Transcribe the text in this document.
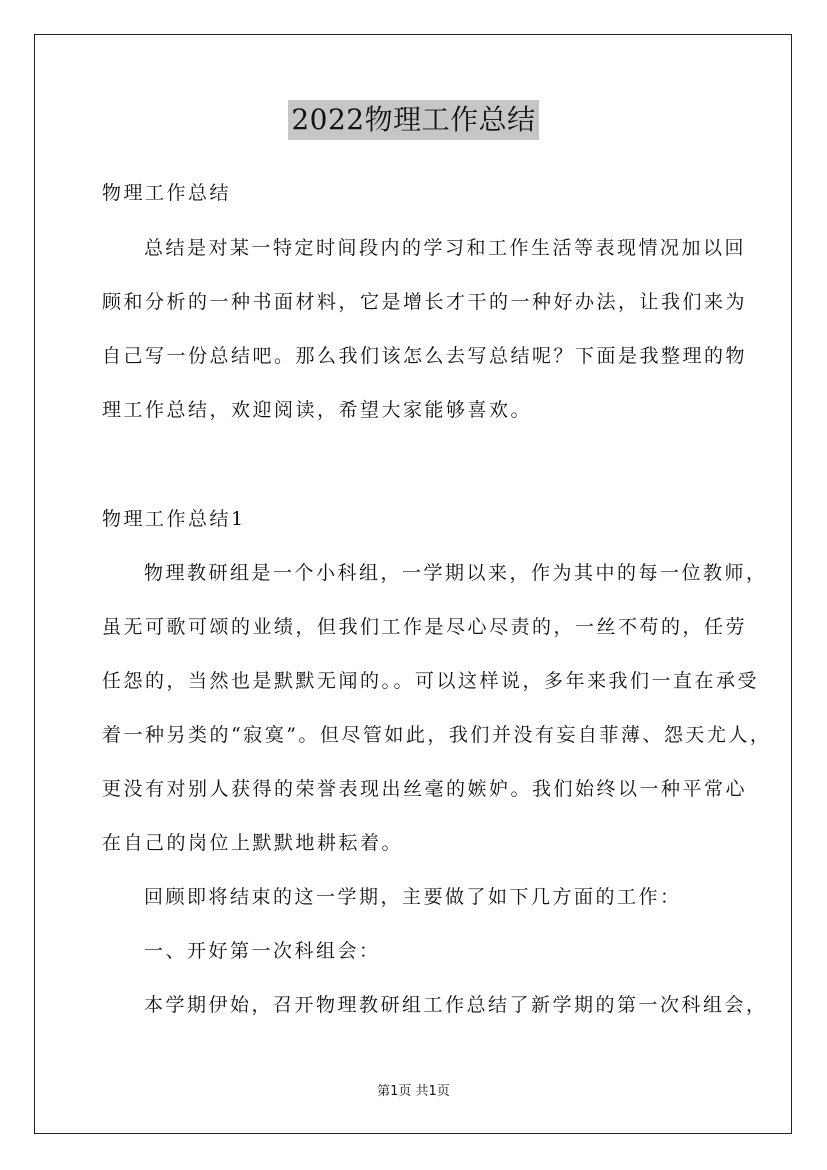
2022物理工作总结
物理工作总结
总结是对某一特定时间段内的学习和工作生活等表现情况加以回
顾和分析的一种书面材料，它是增长才干的一种好办法，让我们来为
自己写一份总结吧。那么我们该怎么去写总结呢？下面是我整理的物
理工作总结，欢迎阅读，希望大家能够喜欢。
物理工作总结1
物理教研组是一个小科组，一学期以来，作为其中的每一位教师，
虽无可歌可颂的业绩，但我们工作是尽心尽责的，一丝不苟的，任劳
任怨的，当然也是默默无闻的。。可以这样说，多年来我们一直在承受
着一种另类的“寂寞”。但尽管如此，我们并没有妄自菲薄、怨天尤人，
更没有对别人获得的荣誉表现出丝毫的嫉妒。我们始终以一种平常心
在自己的岗位上默默地耕耘着。
回顾即将结束的这一学期，主要做了如下几方面的工作：
一、开好第一次科组会：
本学期伊始，召开物理教研组工作总结了新学期的第一次科组会，
第1页 共1页
